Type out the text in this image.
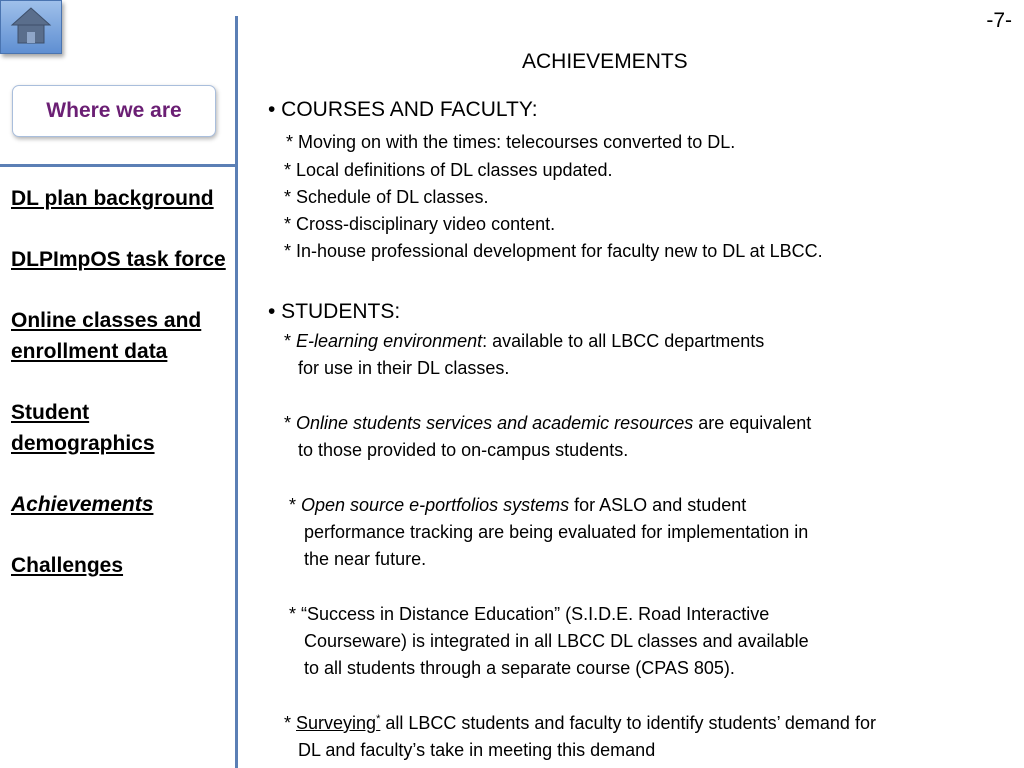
Where we are
DL plan background
DLPImpOS task force
Online classes and enrollment data
Student demographics
Achievements
Challenges
-7-
ACHIEVEMENTS
• COURSES AND FACULTY:
* Moving on with the times: telecourses converted to DL.
* Local definitions of DL classes updated.
* Schedule of DL classes.
* Cross-disciplinary video content.
* In-house professional development for faculty new to DL at LBCC.
• STUDENTS:
* E-learning environment: available to all LBCC departments
for use in their DL classes.
* Online students services and academic resources are equivalent
to those provided to on-campus students.
* Open source e-portfolios systems for ASLO and student
performance tracking are being evaluated for implementation in
the near future.
* “Success in Distance Education” (S.I.D.E. Road Interactive
Courseware) is integrated in all LBCC DL classes and available
to all students through a separate course (CPAS 805).
* Surveying* all LBCC students and faculty to identify students’ demand for
DL and faculty’s take in meeting this demand
